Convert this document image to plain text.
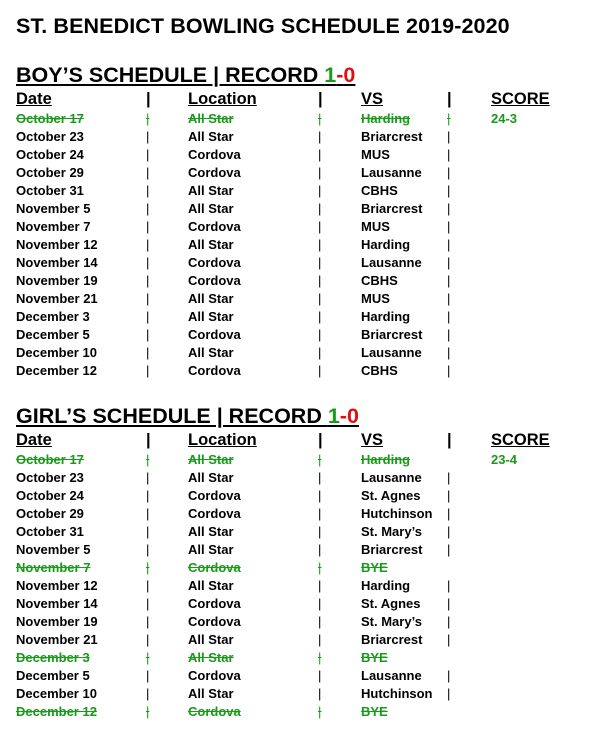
ST. BENEDICT BOWLING SCHEDULE 2019-2020
BOY’S SCHEDULE | RECORD 1-0
Date	| Location	| VS	| SCORE
October 17	|	All Star	|	Harding	|	24-3
October 23	|	All Star	|	Briarcrest |
October 24	|	Cordova	|	MUS	|
October 29	|	Cordova	|	Lausanne |
October 31	|	All Star	|	CBHS	|
November 5	|	All Star	|	Briarcrest |
November 7	|	Cordova	|	MUS	|
November 12	|	All Star	|	Harding	|
November 14	|	Cordova	|	Lausanne |
November 19	|	Cordova	|	CBHS	|
November 21	|	All Star	|	MUS	|
December 3	|	All Star	|	Harding	|
December 5	|	Cordova	|	Briarcrest |
December 10	|	All Star	|	Lausanne |
December 12	|	Cordova	|	CBHS	|
GIRL’S SCHEDULE | RECORD 1-0
Date	| Location	| VS	| SCORE
October 17	|	All Star	|	Harding	23-4
October 23	|	All Star	|	Lausanne |
October 24	|	Cordova	|	St. Agnes |
October 29	|	Cordova	|	Hutchinson |
October 31	|	All Star	|	St. Mary’s |
November 5	|	All Star	|	Briarcrest |
November 7	|	Cordova	|	BYE
November 12	|	All Star	|	Harding	|
November 14	|	Cordova	|	St. Agnes |
November 19	|	Cordova	|	St. Mary’s |
November 21	|	All Star	|	Briarcrest |
December 3	|	All Star	|	BYE
December 5	|	Cordova	|	Lausanne |
December 10	|	All Star	|	Hutchinson |
December 12	|	Cordova	|	BYE
